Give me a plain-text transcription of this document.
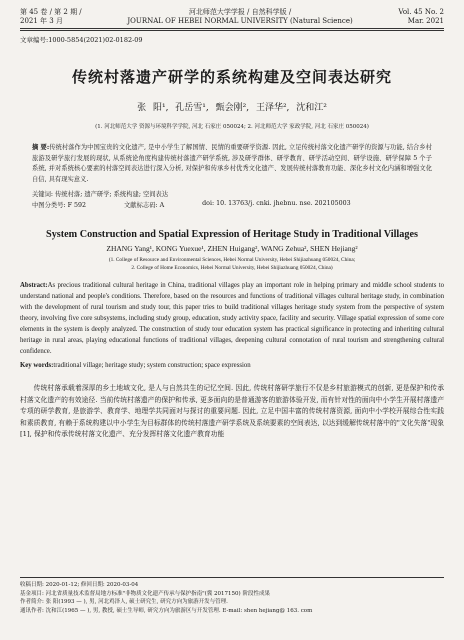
第 45 卷 / 第 2 期 /
2021 年 3 月
河北师范大学学报 / 自然科学版 /
JOURNAL OF HEBEI NORMAL UNIVERSITY (Natural Science)
Vol. 45 No. 2
Mar. 2021
文章编号:1000-5854(2021)02-0182-09
传统村落遗产研学的系统构建及空间表达研究
张 阳¹, 孔岳雪¹, 甄会刚², 王泽华², 沈和江²
(1. 河北师范大学 资源与环境科学学院, 河北 石家庄 050024; 2. 河北师范大学 家政学院, 河北 石家庄 050024)
摘 要:传统村落作为中国宝贵的文化遗产, 是中小学生了解国情、民情的重要研学资源. 因此, 立足传统村落文化遗产研学的资源与功能, 结合乡村旅游及研学旅行发展的现状, 从系统论角度构建传统村落遗产研学系统, 涉及研学群体、研学教育、研学活动空间、研学设施、研学保障 5 个子系统, 并对系统核心要素的村落空间表达进行深入分析, 对保护和传承乡村优秀文化遗产、发展传统村落教育功能、深化乡村文化内涵和增强文化自信, 具有现实意义.
关键词: 传统村落; 遗产研学; 系统构建; 空间表达
中图分类号: F 592	文献标志码: A	doi: 10. 13763/j. cnki. jhebnu. nse. 202105003
System Construction and Spatial Expression of Heritage Study in Traditional Villages
ZHANG Yang¹, KONG Yuexue¹, ZHEN Huigang², WANG Zehua², SHEN Hejiang²
(1. College of Resource and Environmental Sciences, Hebei Normal University, Hebei Shijiazhuang 050024, China;
2. College of Home Economics, Hebei Normal University, Hebei Shijiazhuang 050024, China)
Abstract:As precious traditional cultural heritage in China, traditional villages play an important role in helping primary and middle school students to understand national and people's conditions. Therefore, based on the resources and functions of traditional villages cultural heritage study, in combination with the development of rural tourism and study tour, this paper tries to build traditional villages heritage study system from the perspective of system theory, involving five core subsystems, including study group, education, study activity space, facility and security. Village spatial expression of some core elements in the system is deeply analyzed. The construction of study tour education system has practical significance in protecting and inheriting cultural heritage in rural areas, playing educational functions of traditional villages, deepening cultural connotation of rural tourism and strengthening cultural confidence.
Key words:traditional village; heritage study; system construction; space expression
传统村落承载着深厚的乡土地域文化, 是人与自然共生的记忆空间. 因此, 传统村落研学旅行不仅是乡村旅游模式的创新, 更是保护和传承村落文化遗产的有效途径. 当前传统村落遗产的保护和传承, 更多面向的是普通游客的旅游体验开发, 而有针对性的面向中小学生开展村落遗产专项的研学教育, 是旅游学、教育学、地理学共同面对与探讨的重要问题. 因此, 立足中国丰富的传统村落资源, 面向中小学校开展综合性实践和素质教育, 有赖于系统构建以中小学生为目标群体的传统村落遗产研学系统及系统要素的空间表达, 以达到缓解传统村落中的"文化失落"现象[1], 保护和传承传统村落文化遗产、充分发挥村落文化遗产教育功能

收稿日期: 2020-01-12; 修回日期: 2020-03-04

基金项目: 河北省质量技术监督局地方标准"非物质文化遗产传承与保护指南"(冀 2017150) 阶段性成果

作者简介: 张 阳(1993 — ), 男, 河北鸡泽人, 硕士研究生, 研究方向为旅游开发与管理.

通讯作者: 沈和江(1965 — ), 男, 教授, 硕士生导师, 研究方向为旅游区与开发管理. E-mail: shen hejiang@ 163. com
